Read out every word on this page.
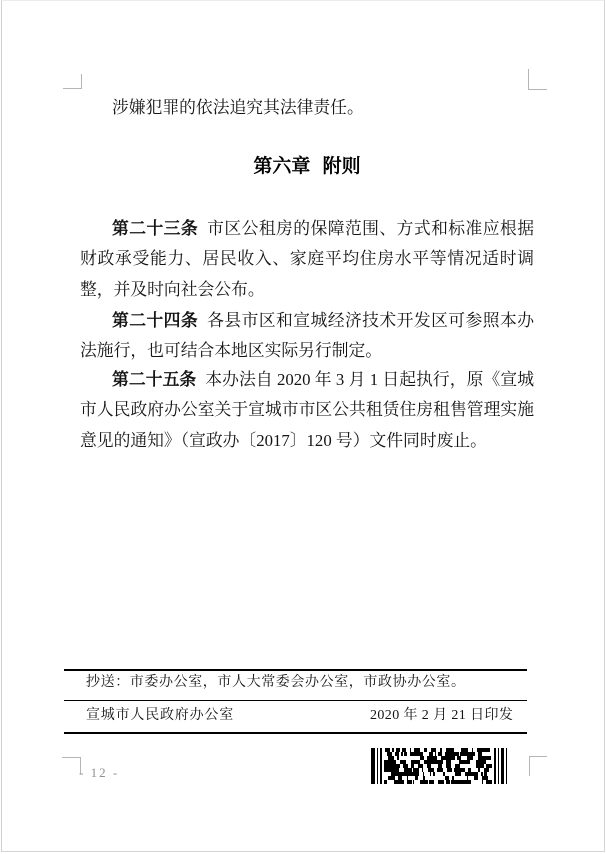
涉嫌犯罪的依法追究其法律责任。
第六章 附则
第二十三条 市区公租房的保障范围、方式和标准应根据财政承受能力、居民收入、家庭平均住房水平等情况适时调整，并及时向社会公布。
第二十四条 各县市区和宣城经济技术开发区可参照本办法施行，也可结合本地区实际另行制定。
第二十五条 本办法自 2020 年 3 月 1 日起执行，原《宣城市人民政府办公室关于宣城市市区公共租赁住房租售管理实施意见的通知》（宣政办〔2017〕120 号）文件同时废止。
抄送：市委办公室，市人大常委会办公室，市政协办公室。
宣城市人民政府办公室	2020 年 2 月 21 日印发
- 12 -
